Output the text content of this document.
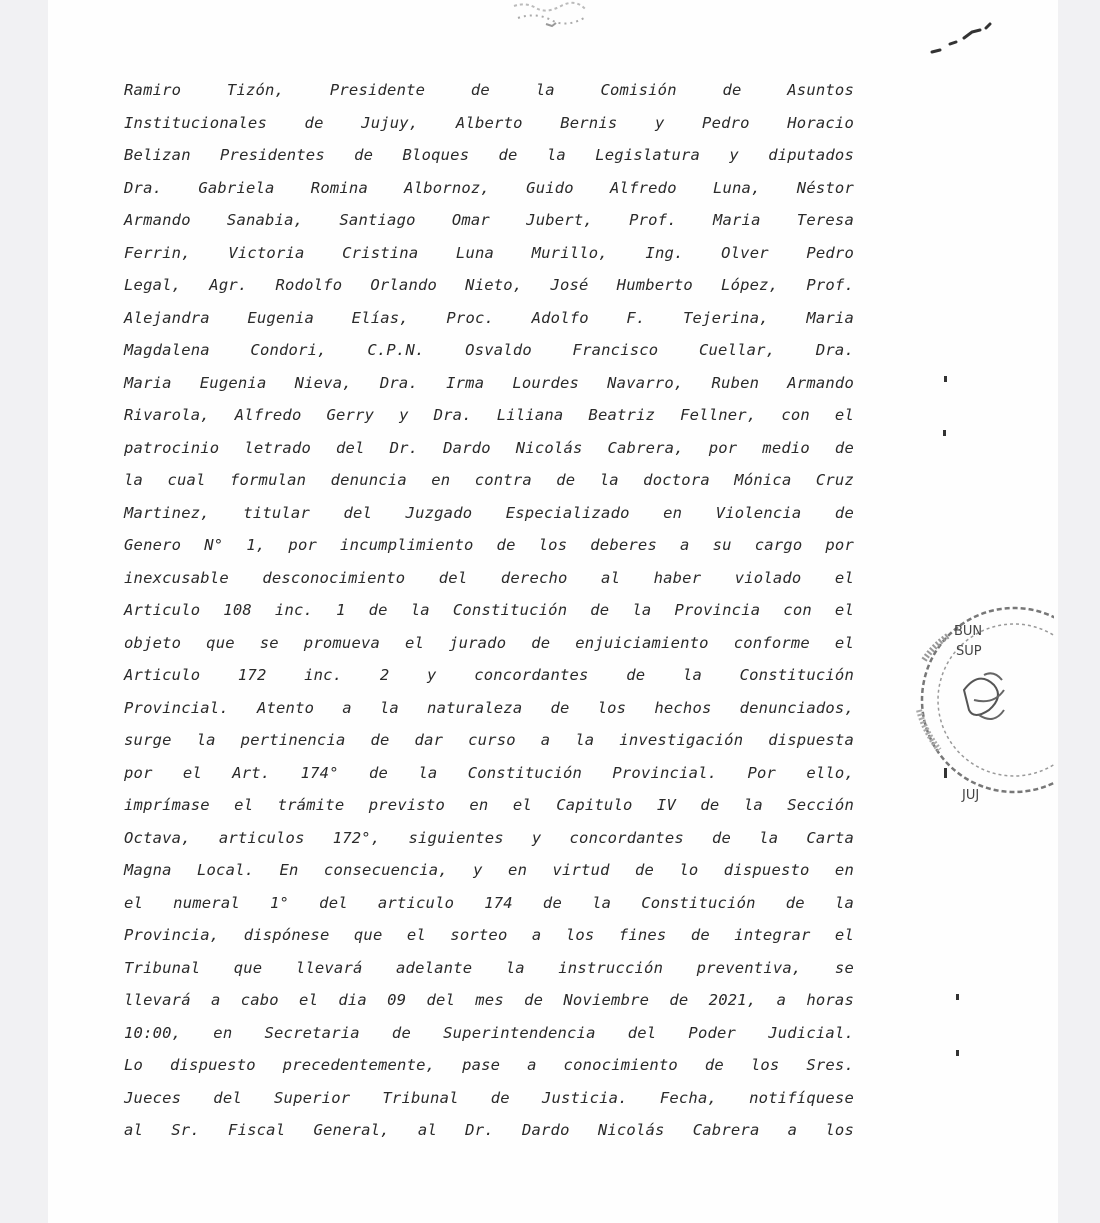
Ramiro Tizón, Presidente de la Comisión de Asuntos
Institucionales de Jujuy, Alberto Bernis y Pedro Horacio
Belizan Presidentes de Bloques de la Legislatura y diputados
Dra. Gabriela Romina Albornoz, Guido Alfredo Luna, Néstor
Armando Sanabia, Santiago Omar Jubert, Prof. Maria Teresa
Ferrin, Victoria Cristina Luna Murillo, Ing. Olver Pedro
Legal, Agr. Rodolfo Orlando Nieto, José Humberto López, Prof.
Alejandra Eugenia Elías, Proc. Adolfo F. Tejerina, Maria
Magdalena Condori, C.P.N. Osvaldo Francisco Cuellar, Dra.
Maria Eugenia Nieva, Dra. Irma Lourdes Navarro, Ruben Armando
Rivarola, Alfredo Gerry y Dra. Liliana Beatriz Fellner, con el
patrocinio letrado del Dr. Dardo Nicolás Cabrera, por medio de
la cual formulan denuncia en contra de la doctora Mónica Cruz
Martinez, titular del Juzgado Especializado en Violencia de
Genero N° 1, por incumplimiento de los deberes a su cargo por
inexcusable desconocimiento del derecho al haber violado el
Articulo 108 inc. 1 de la Constitución de la Provincia con el
objeto que se promueva el jurado de enjuiciamiento conforme el
Articulo 172 inc. 2 y concordantes de la Constitución
Provincial. Atento a la naturaleza de los hechos denunciados,
surge la pertinencia de dar curso a la investigación dispuesta
por el Art. 174° de la Constitución Provincial. Por ello,
imprímase el trámite previsto en el Capitulo IV de la Sección
Octava, articulos 172°, siguientes y concordantes de la Carta
Magna Local. En consecuencia, y en virtud de lo dispuesto en
el numeral 1° del articulo 174 de la Constitución de la
Provincia, dispónese que el sorteo a los fines de integrar el
Tribunal que llevará adelante la instrucción preventiva, se
llevará a cabo el dia 09 del mes de Noviembre de 2021, a horas
10:00, en Secretaria de Superintendencia del Poder Judicial.
Lo dispuesto precedentemente, pase a conocimiento de los Sres.
Jueces del Superior Tribunal de Justicia. Fecha, notifíquese
al Sr. Fiscal General, al Dr. Dardo Nicolás Cabrera a los
BUN
SUP
JUJ
